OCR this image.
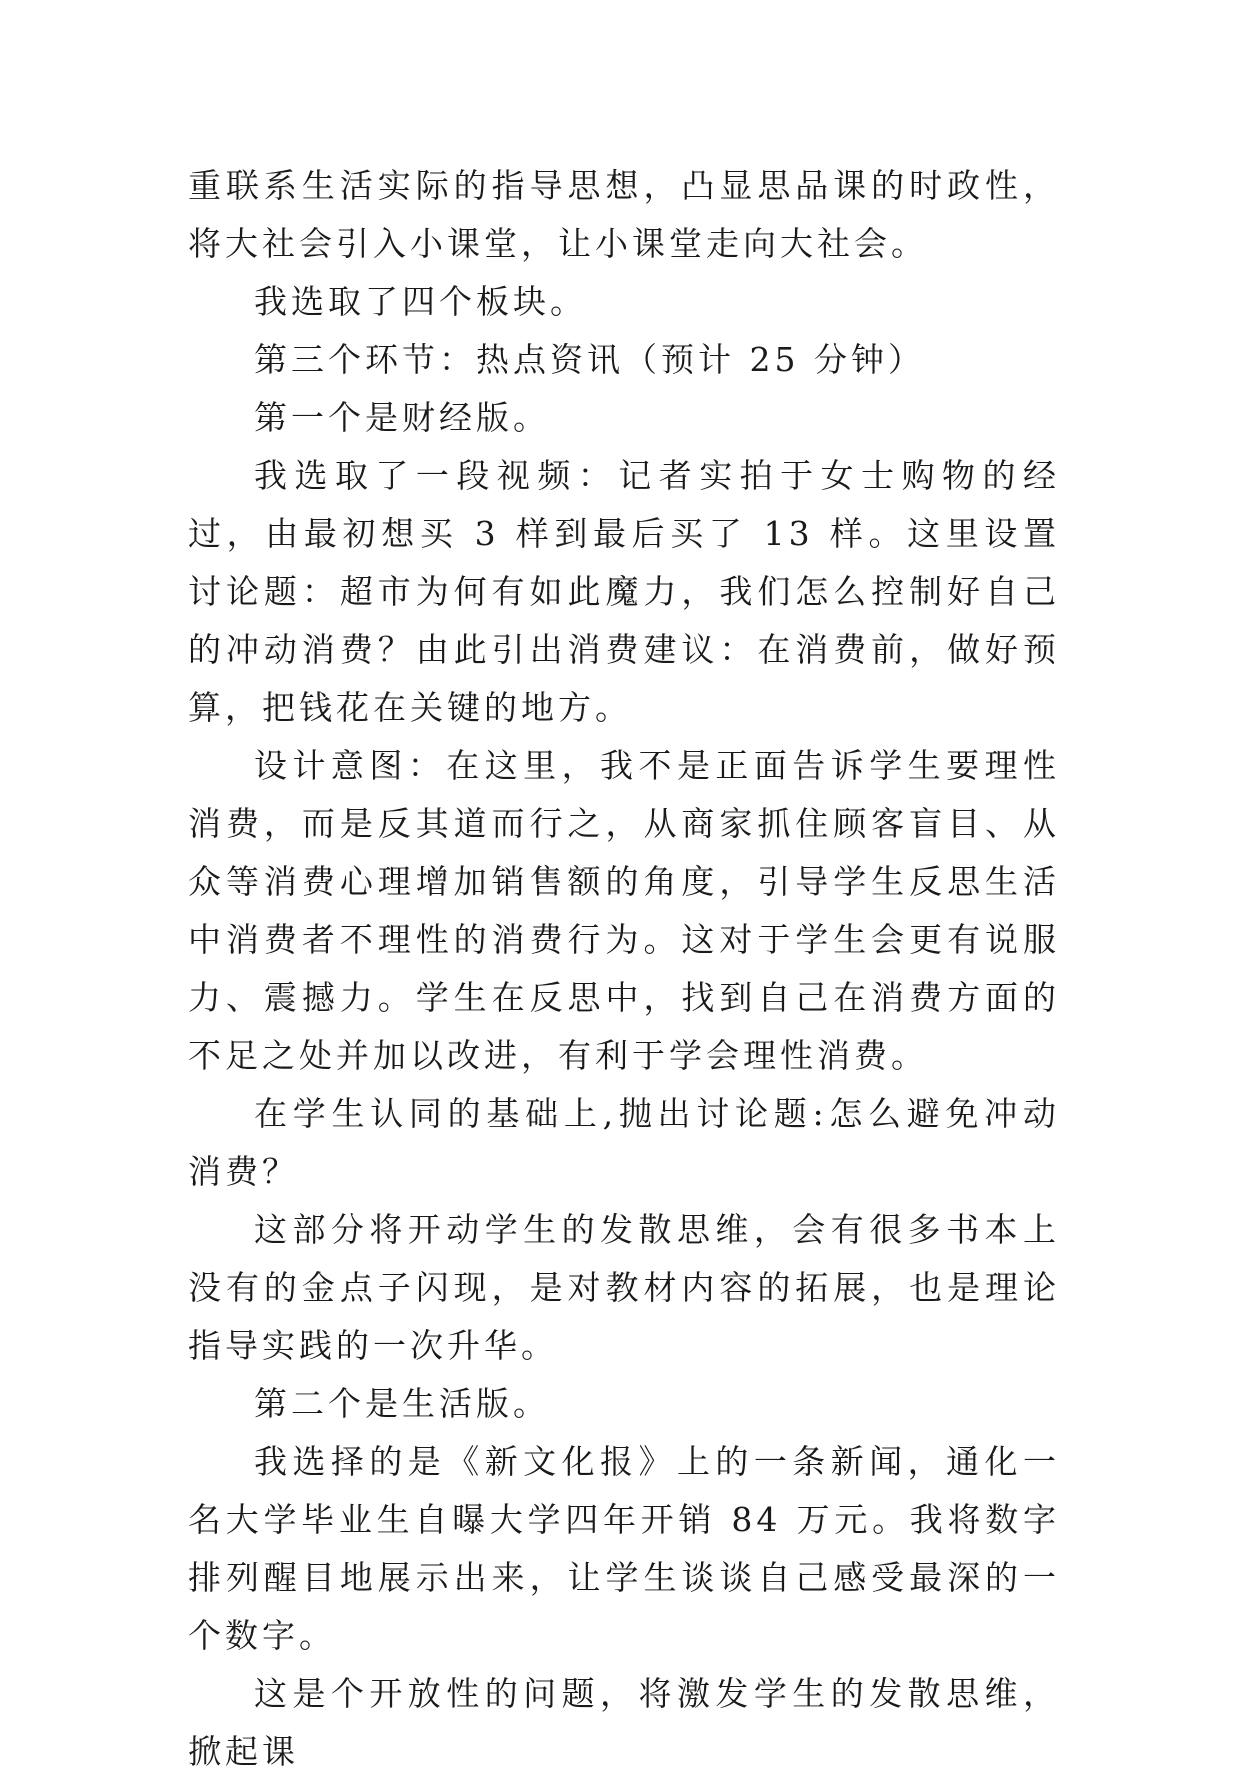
重联系生活实际的指导思想，凸显思品课的时政性，将大社会引入小课堂，让小课堂走向大社会。

我选取了四个板块。

第三个环节：热点资讯（预计 25 分钟）

第一个是财经版。

我选取了一段视频：记者实拍于女士购物的经过，由最初想买 3 样到最后买了 13 样。这里设置讨论题：超市为何有如此魔力，我们怎么控制好自己的冲动消费？由此引出消费建议：在消费前，做好预算，把钱花在关键的地方。

设计意图：在这里，我不是正面告诉学生要理性消费，而是反其道而行之，从商家抓住顾客盲目、从众等消费心理增加销售额的角度，引导学生反思生活中消费者不理性的消费行为。这对于学生会更有说服力、震撼力。学生在反思中，找到自己在消费方面的不足之处并加以改进，有利于学会理性消费。

在学生认同的基础上,抛出讨论题:怎么避免冲动消费？

这部分将开动学生的发散思维，会有很多书本上没有的金点子闪现，是对教材内容的拓展，也是理论指导实践的一次升华。

第二个是生活版。

我选择的是《新文化报》上的一条新闻，通化一名大学毕业生自曝大学四年开销 84 万元。我将数字排列醒目地展示出来，让学生谈谈自己感受最深的一个数字。

这是个开放性的问题，将激发学生的发散思维，掀起课
